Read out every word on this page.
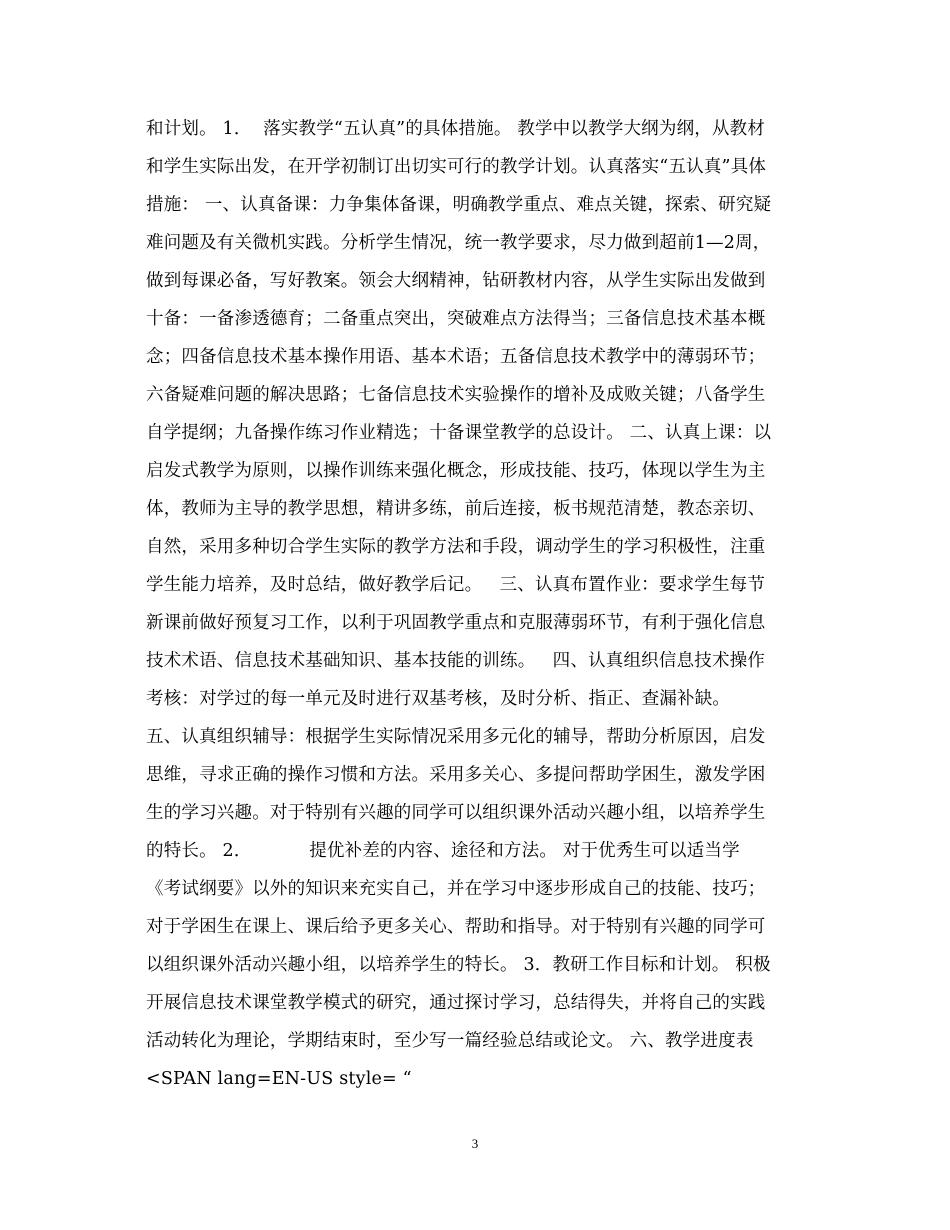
和计划。 1．  落实教学“五认真”的具体措施。 教学中以教学大纲为纲，从教材
和学生实际出发，在开学初制订出切实可行的教学计划。认真落实“五认真”具体
措施： 一、认真备课：力争集体备课，明确教学重点、难点关键，探索、研究疑
难问题及有关微机实践。分析学生情况，统一教学要求，尽力做到超前1—2周，
做到每课必备，写好教案。领会大纲精神，钻研教材内容，从学生实际出发做到
十备：一备渗透德育；二备重点突出，突破难点方法得当；三备信息技术基本概
念；四备信息技术基本操作用语、基本术语；五备信息技术教学中的薄弱环节；
六备疑难问题的解决思路；七备信息技术实验操作的增补及成败关键；八备学生
自学提纲；九备操作练习作业精选；十备课堂教学的总设计。 二、认真上课：以
启发式教学为原则，以操作训练来强化概念，形成技能、技巧，体现以学生为主
体，教师为主导的教学思想，精讲多练，前后连接，板书规范清楚，教态亲切、
自然，采用多种切合学生实际的教学方法和手段，调动学生的学习积极性，注重
学生能力培养，及时总结，做好教学后记。   三、认真布置作业：要求学生每节
新课前做好预复习工作，以利于巩固教学重点和克服薄弱环节，有利于强化信息
技术术语、信息技术基础知识、基本技能的训练。   四、认真组织信息技术操作
考核：对学过的每一单元及时进行双基考核，及时分析、指正、查漏补缺。
五、认真组织辅导：根据学生实际情况采用多元化的辅导，帮助分析原因，启发
思维，寻求正确的操作习惯和方法。采用多关心、多提问帮助学困生，激发学困
生的学习兴趣。对于特别有兴趣的同学可以组织课外活动兴趣小组，以培养学生
的特长。 2．          提优补差的内容、途径和方法。 对于优秀生可以适当学
《考试纲要》以外的知识来充实自己，并在学习中逐步形成自己的技能、技巧；
对于学困生在课上、课后给予更多关心、帮助和指导。对于特别有兴趣的同学可
以组织课外活动兴趣小组，以培养学生的特长。 3．教研工作目标和计划。 积极
开展信息技术课堂教学模式的研究，通过探讨学习，总结得失，并将自己的实践
活动转化为理论，学期结束时，至少写一篇经验总结或论文。 六、教学进度表
<SPAN lang=EN-US style= “
3
